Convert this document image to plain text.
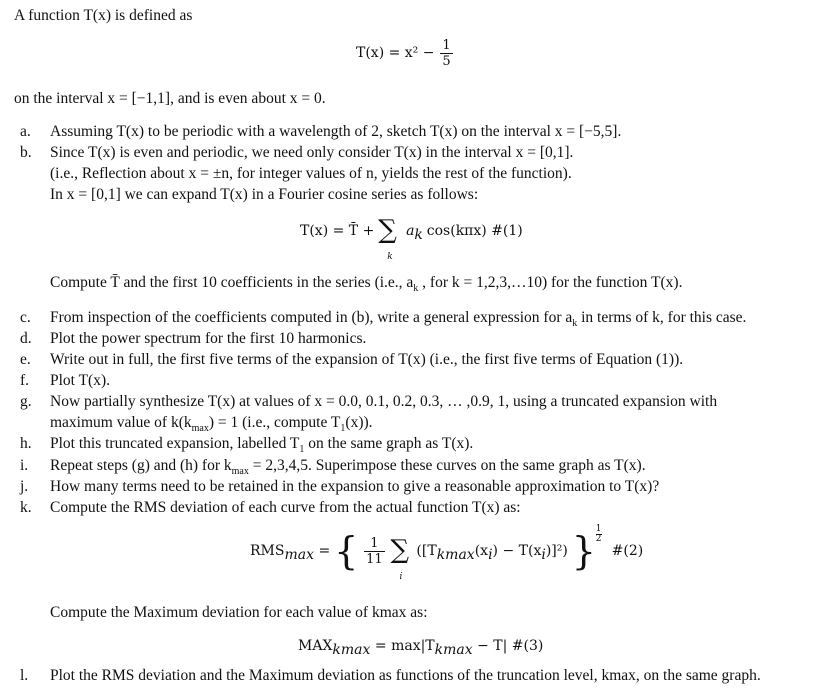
A function T(x) is defined as
$T(x) = x^2 - \frac{1}{5}$
on the interval x = [−1,1], and is even about x = 0.
a. Assuming T(x) to be periodic with a wavelength of 2, sketch T(x) on the interval x = [−5,5].
b. Since T(x) is even and periodic, we need only consider T(x) in the interval x = [0,1].
(i.e., Reflection about x = ±n, for integer values of n, yields the rest of the function).
In x = [0,1] we can expand T(x) in a Fourier cosine series as follows:
T(x) = T̄ + ∑
k
$a_k$ cos(kπx) #(1)
Compute T̄ and the first 10 coefficients in the series (i.e., $a_k$ , for k = 1,2,3,…10) for the function T(x).
c. From inspection of the coefficients computed in (b), write a general expression for $a_k$ in terms of k, for this case.
d. Plot the power spectrum for the first 10 harmonics.
e. Write out in full, the first five terms of the expansion of T(x) (i.e., the first five terms of Equation (1)).
f. Plot T(x).
g. Now partially synthesize T(x) at values of x = 0.0, 0.1, 0.2, 0.3, … ,0.9, 1, using a truncated expansion with
maximum value of $k(k_{max}) = 1$ (i.e., compute $T_1(x)$).
h. Plot this truncated expansion, labelled $T_1$ on the same graph as T(x).
i. Repeat steps (g) and (h) for $k_{max} = 2,3,4,5$. Superimpose these curves on the same graph as T(x).
j. How many terms need to be retained in the expansion to give a reasonable approximation to T(x)?
k. Compute the RMS deviation of each curve from the actual function T(x) as:
$RMS_{max}$ = { $\frac{1}{11}$ ∑
i
$([T_{kmax}(x_i) - T(x_i)]^2)$ } 1
2
#(2)
Compute the Maximum deviation for each value of kmax as:
$MAX_{kmax} = \max|T_{kmax} - T|$ #(3)
l. Plot the RMS deviation and the Maximum deviation as functions of the truncation level, kmax, on the same graph.
